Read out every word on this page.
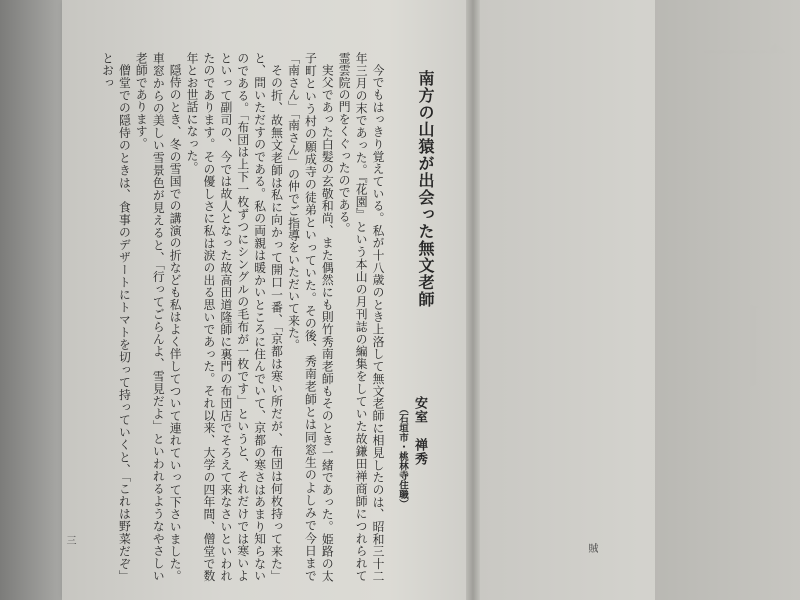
南方の山猿が出会った無文老師
安室　禅秀（石垣市・桃林寺住職）

今でもはっきり覚えている。私が十八歳のとき上洛して無文老師に相見したのは、昭和三十二年三月の末であった。『花園』という本山の月刊誌の編集をしていた故鎌田禅商師につれられて霊雲院の門をくぐったのである。

実父であった白髪の玄敬和尚、また偶然にも則竹秀南老師もそのとき一緒であった。姫路の太子町という村の願成寺の徒弟といっていた。その後、秀南老師とは同窓生のよしみで今日まで「南さん」「南さん」の仲でご指導をいただいて来た。

その折、故無文老師は私に向かって開口一番、「京都は寒い所だが、布団は何枚持って来た」と、問いただすのである。私の両親は暖かいところに住んでいて、京都の寒さはあまり知らないのである。「布団は上下一枚ずつにシングルの毛布が一枚です」というと、それだけでは寒いよといって副司の、今では故人となった故高田道隆師に裏門の布団店でそろえて来なさいといわれたのであります。その優しさに私は涙の出る思いであった。それ以来、大学の四年間、僧堂で数年とお世話になった。

隠侍のとき、冬の雪国での講演の折なども私はよく伴してついて連れていって下さいました。車窓からの美しい雪景色が見えると、「行ってごらんよ、雪見だよ」といわれるようなやさしい老師であります。

僧堂での隠侍のときは、食事のデザートにトマトを切って持っていくと、「これは野菜だぞ」とおっ

三
賊
